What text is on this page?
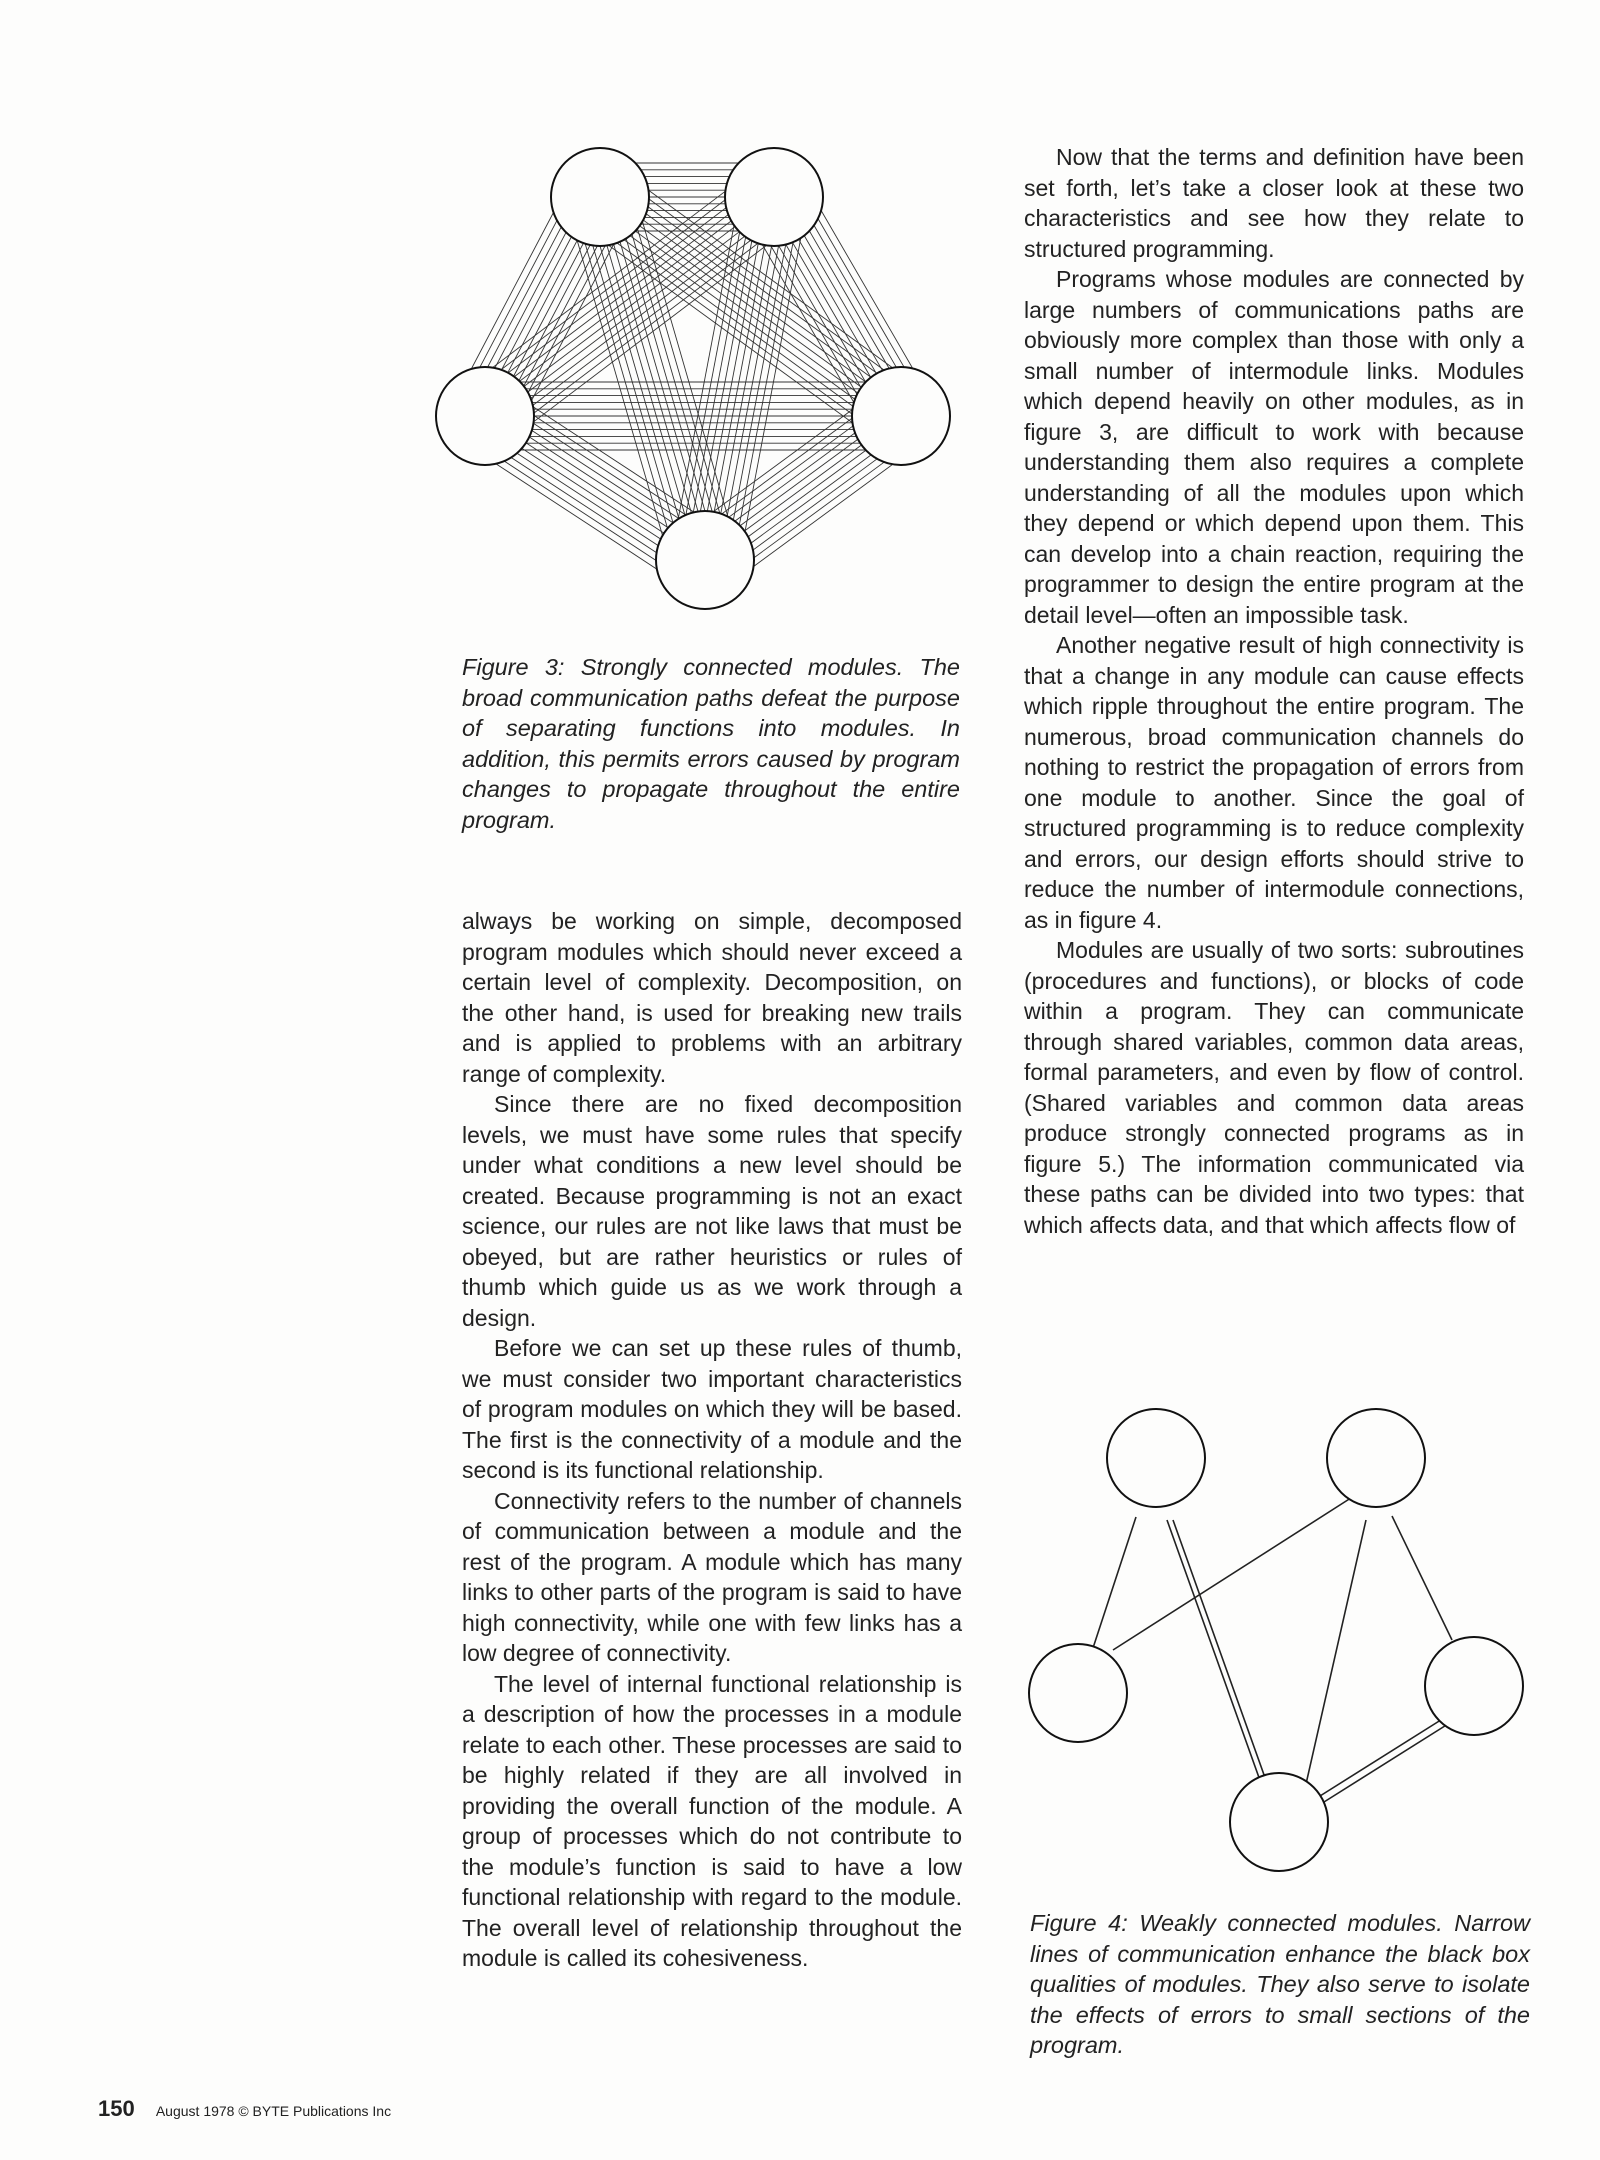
Figure 3: Strongly connected modules. The broad communication paths defeat the purpose of separating functions into modules. In addition, this permits errors caused by program changes to propagate throughout the entire program.

always be working on simple, decomposed program modules which should never exceed a certain level of complexity. Decomposition, on the other hand, is used for breaking new trails and is applied to problems with an arbitrary range of complexity.

Since there are no fixed decomposition levels, we must have some rules that specify under what conditions a new level should be created. Because programming is not an exact science, our rules are not like laws that must be obeyed, but are rather heuristics or rules of thumb which guide us as we work through a design.

Before we can set up these rules of thumb, we must consider two important characteristics of program modules on which they will be based. The first is the connectivity of a module and the second is its functional relationship.

Connectivity refers to the number of channels of communication between a module and the rest of the program. A module which has many links to other parts of the program is said to have high connectivity, while one with few links has a low degree of connectivity.

The level of internal functional relationship is a description of how the processes in a module relate to each other. These processes are said to be highly related if they are all involved in providing the overall function of the module. A group of processes which do not contribute to the module’s function is said to have a low functional relationship with regard to the module. The overall level of relationship throughout the module is called its cohesiveness.

Now that the terms and definition have been set forth, let’s take a closer look at these two characteristics and see how they relate to structured programming.

Programs whose modules are connected by large numbers of communications paths are obviously more complex than those with only a small number of intermodule links. Modules which depend heavily on other modules, as in figure 3, are difficult to work with because understanding them also requires a complete understanding of all the modules upon which they depend or which depend upon them. This can develop into a chain reaction, requiring the programmer to design the entire program at the detail level—often an impossible task.

Another negative result of high connectivity is that a change in any module can cause effects which ripple throughout the entire program. The numerous, broad communication channels do nothing to restrict the propagation of errors from one module to another. Since the goal of structured programming is to reduce complexity and errors, our design efforts should strive to reduce the number of intermodule connections, as in figure 4.

Modules are usually of two sorts: subroutines (procedures and functions), or blocks of code within a program. They can communicate through shared variables, common data areas, formal parameters, and even by flow of control. (Shared variables and common data areas produce strongly connected programs as in figure 5.) The information communicated via these paths can be divided into two types: that which affects data, and that which affects flow of

Figure 4: Weakly connected modules. Narrow lines of communication enhance the black box qualities of modules. They also serve to isolate the effects of errors to small sections of the program.
150 August 1978 © BYTE Publications Inc
